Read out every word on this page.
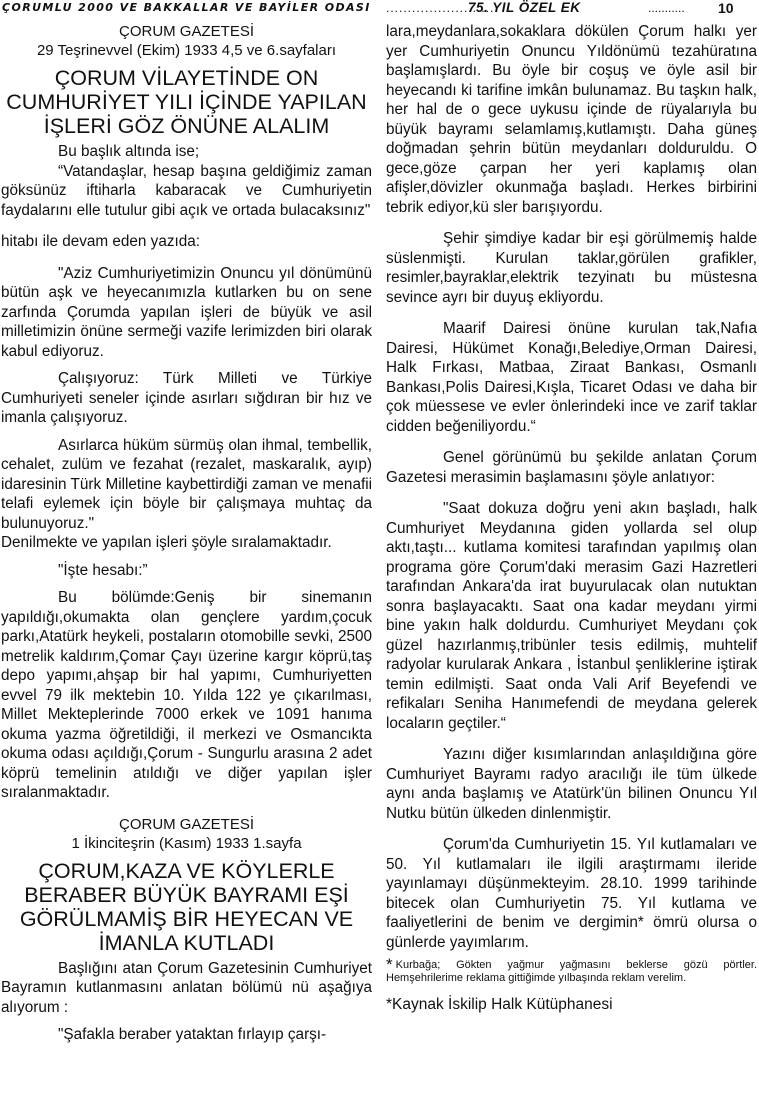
ÇORUMLU 2000 VE BAKKALLAR VE BAYİLER ODASI ..........................
75. YIL ÖZEL EK	........... 10

ÇORUM GAZETESİ

29 Teşrinevvel (Ekim) 1933 4,5 ve 6.sayfaları

ÇORUM VİLAYETİNDE ON CUMHURİYET YILI İÇİNDE YAPILAN İŞLERİ GÖZ ÖNÜNE ALALIM

Bu başlık altında ise;

“Vatandaşlar, hesap başına geldiğimiz zaman göksünüz iftiharla kabaracak ve Cumhuriyetin faydalarını elle tutulur gibi açık ve ortada bulacaksınız"

hitabı ile devam eden yazıda:

"Aziz Cumhuriyetimizin Onuncu yıl dönümünü bütün aşk ve heyecanımızla kutlarken bu on sene zarfında Çorumda yapılan işleri de büyük ve asil milletimizin önüne sermeği vazife lerimizden biri olarak kabul ediyoruz.

Çalışıyoruz: Türk Milleti ve Türkiye Cumhuriyeti seneler içinde asırları sığdıran bir hız ve imanla çalışıyoruz.

Asırlarca hüküm sürmüş olan ihmal, tembellik, cehalet, zulüm ve fezahat (rezalet, maskaralık, ayıp) idaresinin Türk Milletine kaybettirdiği zaman ve menafii telafi eylemek için böyle bir çalışmaya muhtaç da bulunuyoruz."

Denilmekte ve yapılan işleri şöyle sıralamaktadır.

"İşte hesabı:”

Bu bölümde:Geniş bir sinemanın yapıldığı,okumakta olan gençlere yardım,çocuk parkı,Atatürk heykeli, postaların otomobille sevki, 2500 metrelik kaldırım,Çomar Çayı üzerine kargır köprü,taş depo yapımı,ahşap bir hal yapımı, Cumhuriyetten evvel 79 ilk mektebin 10. Yılda 122 ye çıkarılması, Millet Mekteplerinde 7000 erkek ve 1091 hanıma okuma yazma öğretildiği, il merkezi ve Osmancıkta okuma odası açıldığı,Çorum - Sungurlu arasına 2 adet köprü temelinin atıldığı ve diğer yapılan işler sıralanmaktadır.

ÇORUM GAZETESİ

1 İkinciteşrin (Kasım) 1933 1.sayfa

ÇORUM,KAZA VE KÖYLERLE BERABER BÜYÜK BAYRAMI EŞİ GÖRÜLMAMİŞ BİR HEYECAN VE İMANLA KUTLADI

Başlığını atan Çorum Gazetesinin Cumhuriyet Bayramın kutlanmasını anlatan bölümü nü aşağıya alıyorum :

"Şafakla beraber yataktan fırlayıp çarşı-

lara,meydanlara,sokaklara dökülen Çorum halkı yer yer Cumhuriyetin Onuncu Yıldönümü tezahüratına başlamışlardı. Bu öyle bir coşuş ve öyle asil bir heyecandı ki tarifine imkân bulunamaz. Bu taşkın halk, her hal de o gece uykusu içinde de rüyalarıyla bu büyük bayramı selamlamış,kutlamıştı. Daha güneş doğmadan şehrin bütün meydanları dolduruldu. O gece,göze çarpan her yeri kaplamış olan afişler,dövizler okunmağa başladı. Herkes birbirini tebrik ediyor,kü sler barışıyordu.

Şehir şimdiye kadar bir eşi görülmemiş halde süslenmişti. Kurulan taklar,görülen grafikler, resimler,bayraklar,elektrik tezyinatı bu müstesna sevince ayrı bir duyuş ekliyordu.

Maarif Dairesi önüne kurulan tak,Nafıa Dairesi, Hükümet Konağı,Belediye,Orman Dairesi, Halk Fırkası, Matbaa, Ziraat Bankası, Osmanlı Bankası,Polis Dairesi,Kışla, Ticaret Odası ve daha bir çok müessese ve evler önlerindeki ince ve zarif taklar cidden beğeniliyordu.“

Genel görünümü bu şekilde anlatan Çorum Gazetesi merasimin başlamasını şöyle anlatıyor:

"Saat dokuza doğru yeni akın başladı, halk Cumhuriyet Meydanına giden yollarda sel olup aktı,taştı... kutlama komitesi tarafından yapılmış olan programa göre Çorum'daki merasim Gazi Hazretleri tarafından Ankara'da irat buyurulacak olan nutuktan sonra başlayacaktı. Saat ona kadar meydanı yirmi bine yakın halk doldurdu. Cumhuriyet Meydanı çok güzel hazırlanmış,tribünler tesis edilmiş, muhtelif radyolar kurularak Ankara , İstanbul şenliklerine iştirak temin edilmişti. Saat onda Vali Arif Beyefendi ve refikaları Seniha Hanımefendi de meydana gelerek locaların geçtiler.“

Yazını diğer kısımlarından anlaşıldığına göre Cumhuriyet Bayramı radyo aracılığı ile tüm ülkede aynı anda başlamış ve Atatürk'ün bilinen Onuncu Yıl Nutku bütün ülkeden dinlenmiştir.

Çorum'da Cumhuriyetin 15. Yıl kutlamaları ve 50. Yıl kutlamaları ile ilgili araştırmamı ileride yayınlamayı düşünmekteyim. 28.10. 1999 tarihinde bitecek olan Cumhuriyetin 75. Yıl kutlama ve faaliyetlerini de benim ve dergimin* ömrü olursa o günlerde yayımlarım.

* Kurbağa; Gökten yağmur yağmasını beklerse gözü pörtler. Hemşehrilerime reklama gittiğimde yılbaşında reklam verelim.

*Kaynak İskilip Halk Kütüphanesi
